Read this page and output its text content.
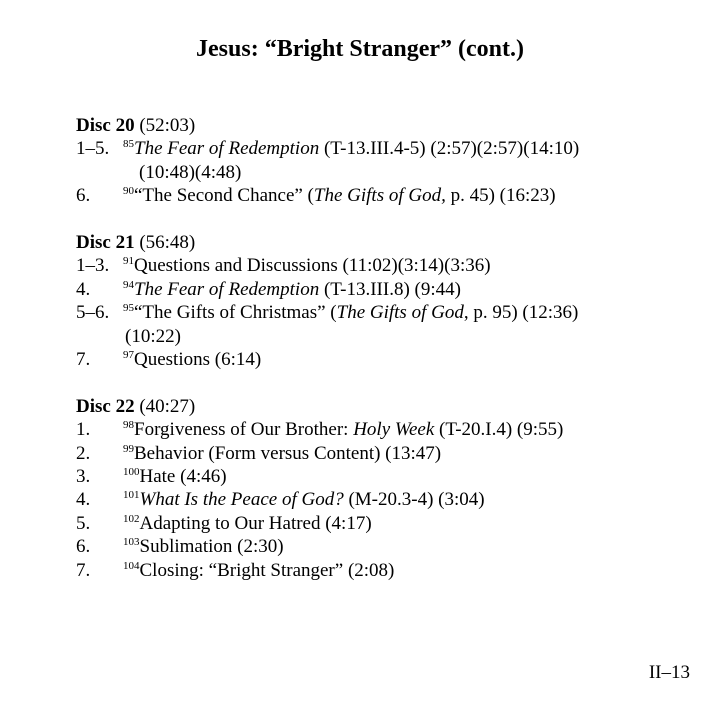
Jesus: “Bright Stranger” (cont.)
Disc 20 (52:03)
1–5.	$^{85}$The Fear of Redemption (T-13.III.4-5) (2:57)(2:57)(14:10)
(10:48)(4:48)
6.	$^{90}$“The Second Chance” (The Gifts of God, p. 45) (16:23)
Disc 21 (56:48)
1–3.	$^{91}$Questions and Discussions (11:02)(3:14)(3:36)
4.	$^{94}$The Fear of Redemption (T-13.III.8) (9:44)
5–6.	$^{95}$“The Gifts of Christmas” (The Gifts of God, p. 95) (12:36)
(10:22)
7.	$^{97}$Questions (6:14)
Disc 22 (40:27)
1.	$^{98}$Forgiveness of Our Brother: Holy Week (T-20.I.4) (9:55)
2.	$^{99}$Behavior (Form versus Content) (13:47)
3.	$^{100}$Hate (4:46)
4.	$^{101}$What Is the Peace of God? (M-20.3-4) (3:04)
5.	$^{102}$Adapting to Our Hatred (4:17)
6.	$^{103}$Sublimation (2:30)
7.	$^{104}$Closing: “Bright Stranger” (2:08)
II–13
